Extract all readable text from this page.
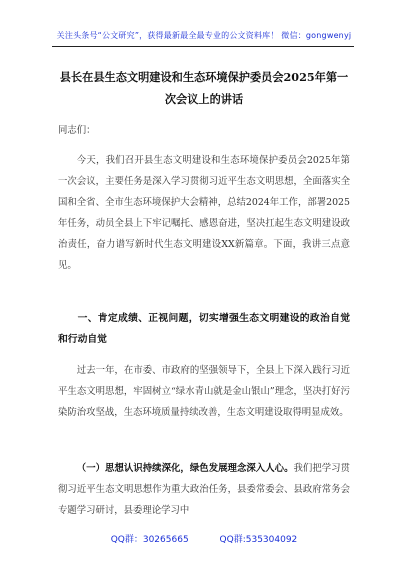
关注头条号“公文研究”，获得最新最全最专业的公文资料库！ 微信：gongwenyj
县长在县生态文明建设和生态环境保护委员会2025年第一次会议上的讲话
同志们：
今天，我们召开县生态文明建设和生态环境保护委员会2025年第一次会议，主要任务是深入学习贯彻习近平生态文明思想，全面落实全国和全省、全市生态环境保护大会精神，总结2024年工作，部署2025年任务，动员全县上下牢记嘱托、感恩奋进，坚决扛起生态文明建设政治责任，奋力谱写新时代生态文明建设XX新篇章。下面，我讲三点意见。
一、肯定成绩、正视问题，切实增强生态文明建设的政治自觉和行动自觉
过去一年，在市委、市政府的坚强领导下，全县上下深入践行习近平生态文明思想，牢固树立“绿水青山就是金山银山”理念，坚决打好污染防治攻坚战，生态环境质量持续改善，生态文明建设取得明显成效。
（一）思想认识持续深化，绿色发展理念深入人心。我们把学习贯彻习近平生态文明思想作为重大政治任务，县委常委会、县政府常务会专题学习研讨，县委理论学习中
QQ群：30265665	QQ群:535304092
